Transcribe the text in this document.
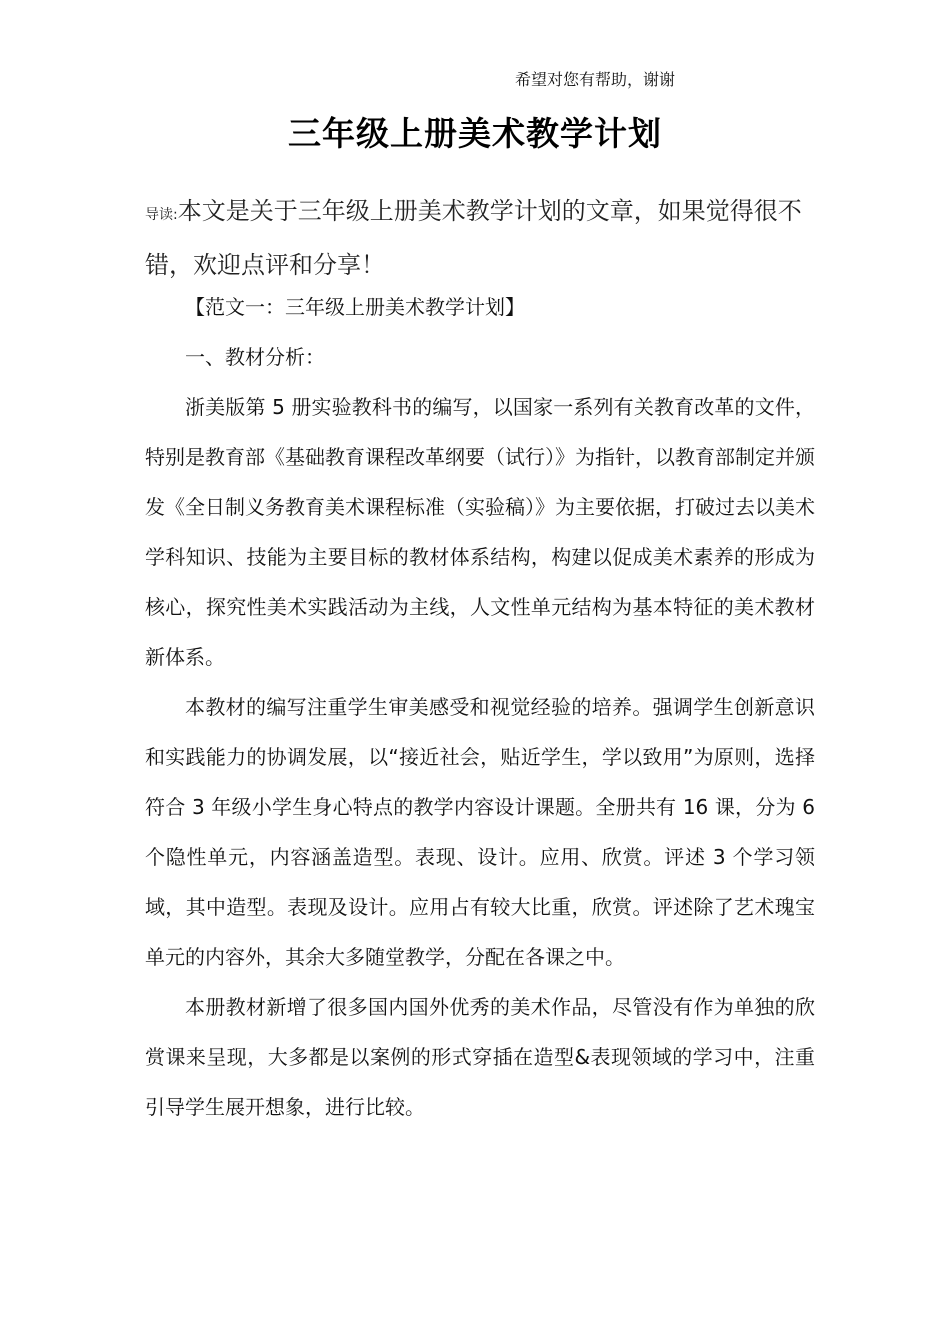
希望对您有帮助，谢谢
三年级上册美术教学计划
导读:本文是关于三年级上册美术教学计划的文章，如果觉得很不错，欢迎点评和分享！

【范文一：三年级上册美术教学计划】

一、教材分析：

浙美版第 5 册实验教科书的编写，以国家一系列有关教育改革的文件，特别是教育部《基础教育课程改革纲要（试行）》为指针，以教育部制定并颁发《全日制义务教育美术课程标准（实验稿）》为主要依据，打破过去以美术学科知识、技能为主要目标的教材体系结构，构建以促成美术素养的形成为核心，探究性美术实践活动为主线，人文性单元结构为基本特征的美术教材新体系。

本教材的编写注重学生审美感受和视觉经验的培养。强调学生创新意识和实践能力的协调发展，以“接近社会，贴近学生，学以致用”为原则，选择符合 3 年级小学生身心特点的教学内容设计课题。全册共有 16 课，分为 6 个隐性单元，内容涵盖造型。表现、设计。应用、欣赏。评述 3 个学习领域，其中造型。表现及设计。应用占有较大比重，欣赏。评述除了艺术瑰宝单元的内容外，其余大多随堂教学，分配在各课之中。

本册教材新增了很多国内国外优秀的美术作品，尽管没有作为单独的欣赏课来呈现，大多都是以案例的形式穿插在造型&表现领域的学习中，注重引导学生展开想象，进行比较。
